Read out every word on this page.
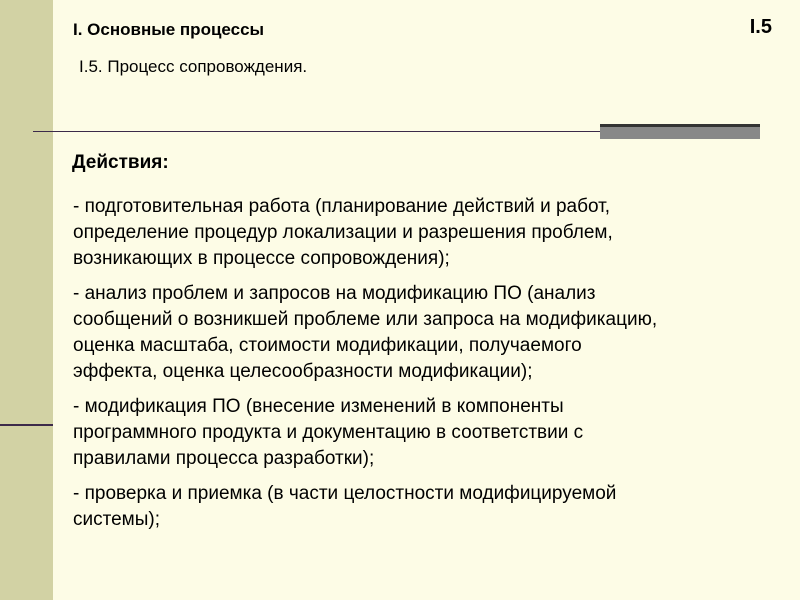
I. Основные процессы	I.5
I.5. Процесс сопровождения.
Действия:
- подготовительная работа (планирование действий и работ,
определение процедур локализации и разрешения проблем,
возникающих в процессе сопровождения);
- анализ проблем и запросов на модификацию ПО (анализ
сообщений о возникшей проблеме или запроса на модификацию,
оценка масштаба, стоимости модификации, получаемого
эффекта, оценка целесообразности модификации);
- модификация ПО (внесение изменений в компоненты
программного продукта и документацию в соответствии с
правилами процесса разработки);
- проверка и приемка (в части целостности модифицируемой
системы);
